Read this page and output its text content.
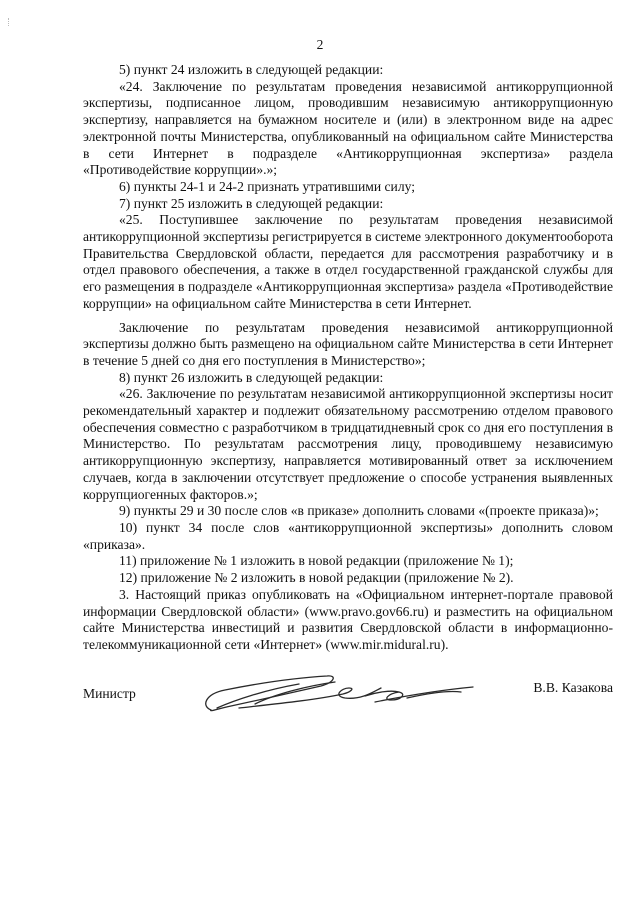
2

5) пункт 24 изложить в следующей редакции:

«24. Заключение по результатам проведения независимой антикоррупционной экспертизы, подписанное лицом, проводившим независимую антикоррупционную экспертизу, направляется на бумажном носителе и (или) в электронном виде на адрес электронной почты Министерства, опубликованный на официальном сайте Министерства в сети Интернет в подразделе «Антикоррупционная экспертиза» раздела «Противодействие коррупции».»;

6) пункты 24-1 и 24-2 признать утратившими силу;

7) пункт 25 изложить в следующей редакции:

«25. Поступившее заключение по результатам проведения независимой антикоррупционной экспертизы регистрируется в системе электронного документооборота Правительства Свердловской области, передается для рассмотрения разработчику и в отдел правового обеспечения, а также в отдел государственной гражданской службы для его размещения в подразделе «Антикоррупционная экспертиза» раздела «Противодействие коррупции» на официальном сайте Министерства в сети Интернет.

Заключение по результатам проведения независимой антикоррупционной экспертизы должно быть размещено на официальном сайте Министерства в сети Интернет в течение 5 дней со дня его поступления в Министерство»;

8) пункт 26 изложить в следующей редакции:

«26. Заключение по результатам независимой антикоррупционной экспертизы носит рекомендательный характер и подлежит обязательному рассмотрению отделом правового обеспечения совместно с разработчиком в тридцатидневный срок со дня его поступления в Министерство. По результатам рассмотрения лицу, проводившему независимую антикоррупционную экспертизу, направляется мотивированный ответ за исключением случаев, когда в заключении отсутствует предложение о способе устранения выявленных коррупциогенных факторов.»;

9) пункты 29 и 30 после слов «в приказе» дополнить словами «(проекте приказа)»;

10) пункт 34 после слов «антикоррупционной экспертизы» дополнить словом «приказа».

11) приложение № 1 изложить в новой редакции (приложение № 1);

12) приложение № 2 изложить в новой редакции (приложение № 2).

3. Настоящий приказ опубликовать на «Официальном интернет-портале правовой информации Свердловской области» (www.pravo.gov66.ru) и разместить на официальном сайте Министерства инвестиций и развития Свердловской области в информационно-телекоммуникационной сети «Интернет» (www.mir.midural.ru).

Министр	В.В. Казакова
